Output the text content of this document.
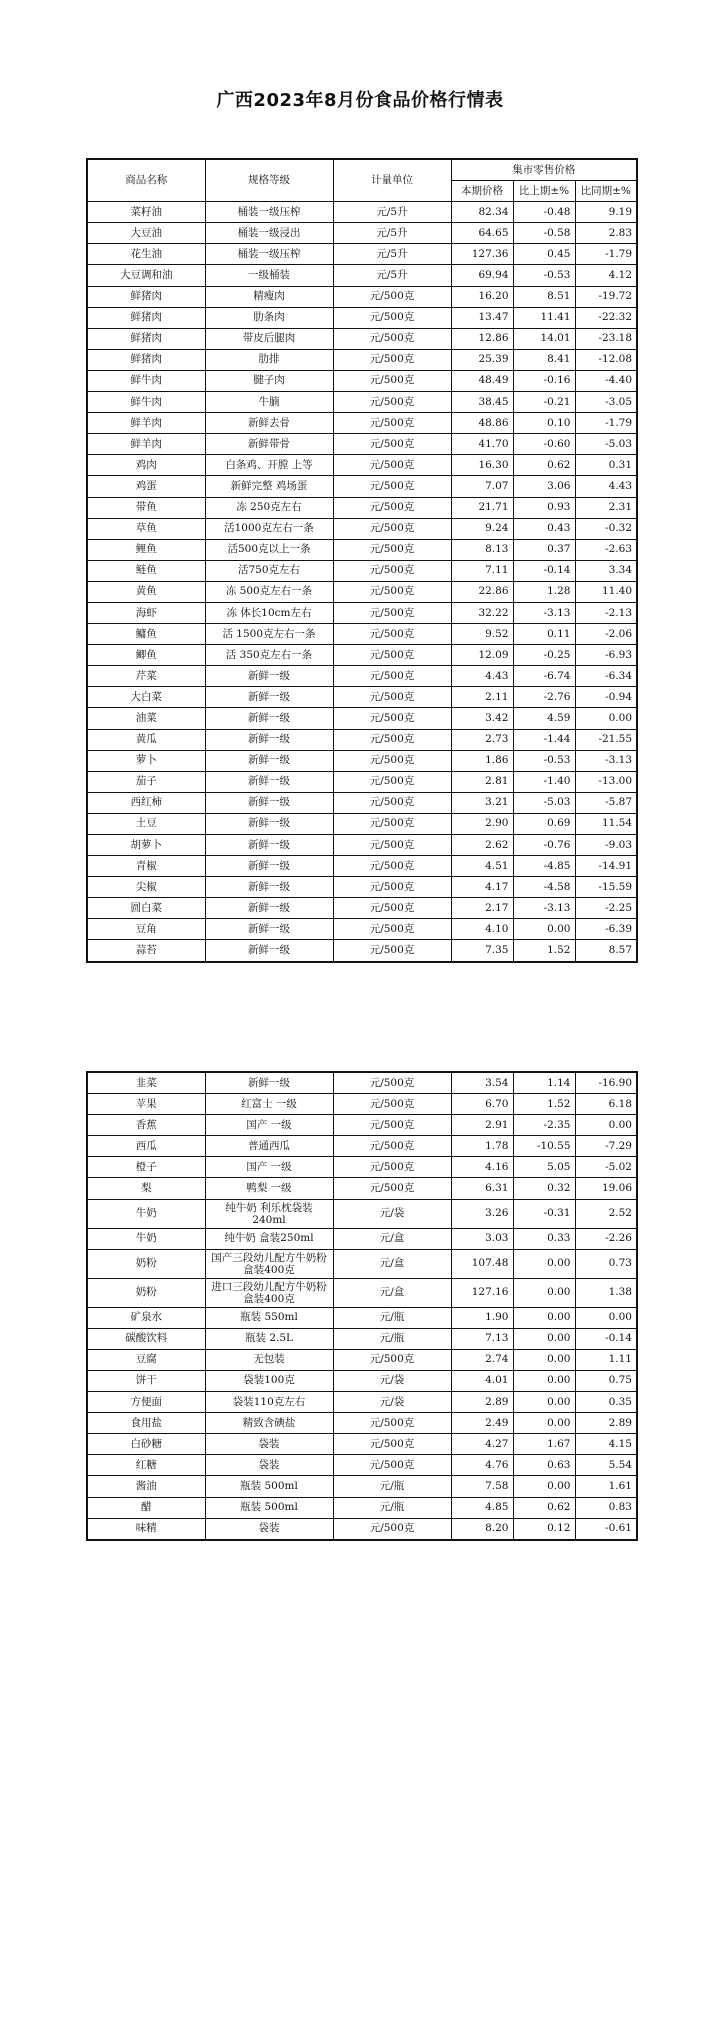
广西2023年8月份食品价格行情表
商品名称	规格等级	计量单位	集市零售价格		
			本期价格	比上期±%	比同期±%
菜籽油	桶装一级压榨	元/5升	82.34	-0.48	9.19
大豆油	桶装一级浸出	元/5升	64.65	-0.58	2.83
花生油	桶装一级压榨	元/5升	127.36	0.45	-1.79
大豆调和油	一级桶装	元/5升	69.94	-0.53	4.12
鲜猪肉	精瘦肉	元/500克	16.20	8.51	-19.72
鲜猪肉	肋条肉	元/500克	13.47	11.41	-22.32
鲜猪肉	带皮后腿肉	元/500克	12.86	14.01	-23.18
鲜猪肉	肋排	元/500克	25.39	8.41	-12.08
鲜牛肉	腱子肉	元/500克	48.49	-0.16	-4.40
鲜牛肉	牛腩	元/500克	38.45	-0.21	-3.05
鲜羊肉	新鲜去骨	元/500克	48.86	0.10	-1.79
鲜羊肉	新鲜带骨	元/500克	41.70	-0.60	-5.03
鸡肉	白条鸡、开膛 上等	元/500克	16.30	0.62	0.31
鸡蛋	新鲜完整 鸡场蛋	元/500克	7.07	3.06	4.43
带鱼	冻 250克左右	元/500克	21.71	0.93	2.31
草鱼	活1000克左右一条	元/500克	9.24	0.43	-0.32
鲤鱼	活500克以上一条	元/500克	8.13	0.37	-2.63
鲢鱼	活750克左右	元/500克	7.11	-0.14	3.34
黄鱼	冻 500克左右一条	元/500克	22.86	1.28	11.40
海虾	冻 体长10cm左右	元/500克	32.22	-3.13	-2.13
鳙鱼	活 1500克左右一条	元/500克	9.52	0.11	-2.06
鲫鱼	活 350克左右一条	元/500克	12.09	-0.25	-6.93
芹菜	新鲜一级	元/500克	4.43	-6.74	-6.34
大白菜	新鲜一级	元/500克	2.11	-2.76	-0.94
油菜	新鲜一级	元/500克	3.42	4.59	0.00
黄瓜	新鲜一级	元/500克	2.73	-1.44	-21.55
萝卜	新鲜一级	元/500克	1.86	-0.53	-3.13
茄子	新鲜一级	元/500克	2.81	-1.40	-13.00
西红柿	新鲜一级	元/500克	3.21	-5.03	-5.87
土豆	新鲜一级	元/500克	2.90	0.69	11.54
胡萝卜	新鲜一级	元/500克	2.62	-0.76	-9.03
青椒	新鲜一级	元/500克	4.51	-4.85	-14.91
尖椒	新鲜一级	元/500克	4.17	-4.58	-15.59
圆白菜	新鲜一级	元/500克	2.17	-3.13	-2.25
豆角	新鲜一级	元/500克	4.10	0.00	-6.39
蒜苔	新鲜一级	元/500克	7.35	1.52	8.57
韭菜	新鲜一级	元/500克	3.54	1.14	-16.90
苹果	红富士 一级	元/500克	6.70	1.52	6.18
香蕉	国产 一级	元/500克	2.91	-2.35	0.00
西瓜	普通西瓜	元/500克	1.78	-10.55	-7.29
橙子	国产 一级	元/500克	4.16	5.05	-5.02
梨	鸭梨 一级	元/500克	6.31	0.32	19.06
牛奶	纯牛奶 利乐枕袋装240ml	元/袋	3.26	-0.31	2.52
牛奶	纯牛奶 盒装250ml	元/盒	3.03	0.33	-2.26
奶粉	国产三段幼儿配方牛奶粉 盒装400克	元/盒	107.48	0.00	0.73
奶粉	进口三段幼儿配方牛奶粉 盒装400克	元/盒	127.16	0.00	1.38
矿泉水	瓶装 550ml	元/瓶	1.90	0.00	0.00
碳酸饮料	瓶装 2.5L	元/瓶	7.13	0.00	-0.14
豆腐	无包装	元/500克	2.74	0.00	1.11
饼干	袋装100克	元/袋	4.01	0.00	0.75
方便面	袋装110克左右	元/袋	2.89	0.00	0.35
食用盐	精致含碘盐	元/500克	2.49	0.00	2.89
白砂糖	袋装	元/500克	4.27	1.67	4.15
红糖	袋装	元/500克	4.76	0.63	5.54
酱油	瓶装 500ml	元/瓶	7.58	0.00	1.61
醋	瓶装 500ml	元/瓶	4.85	0.62	0.83
味精	袋装	元/500克	8.20	0.12	-0.61
